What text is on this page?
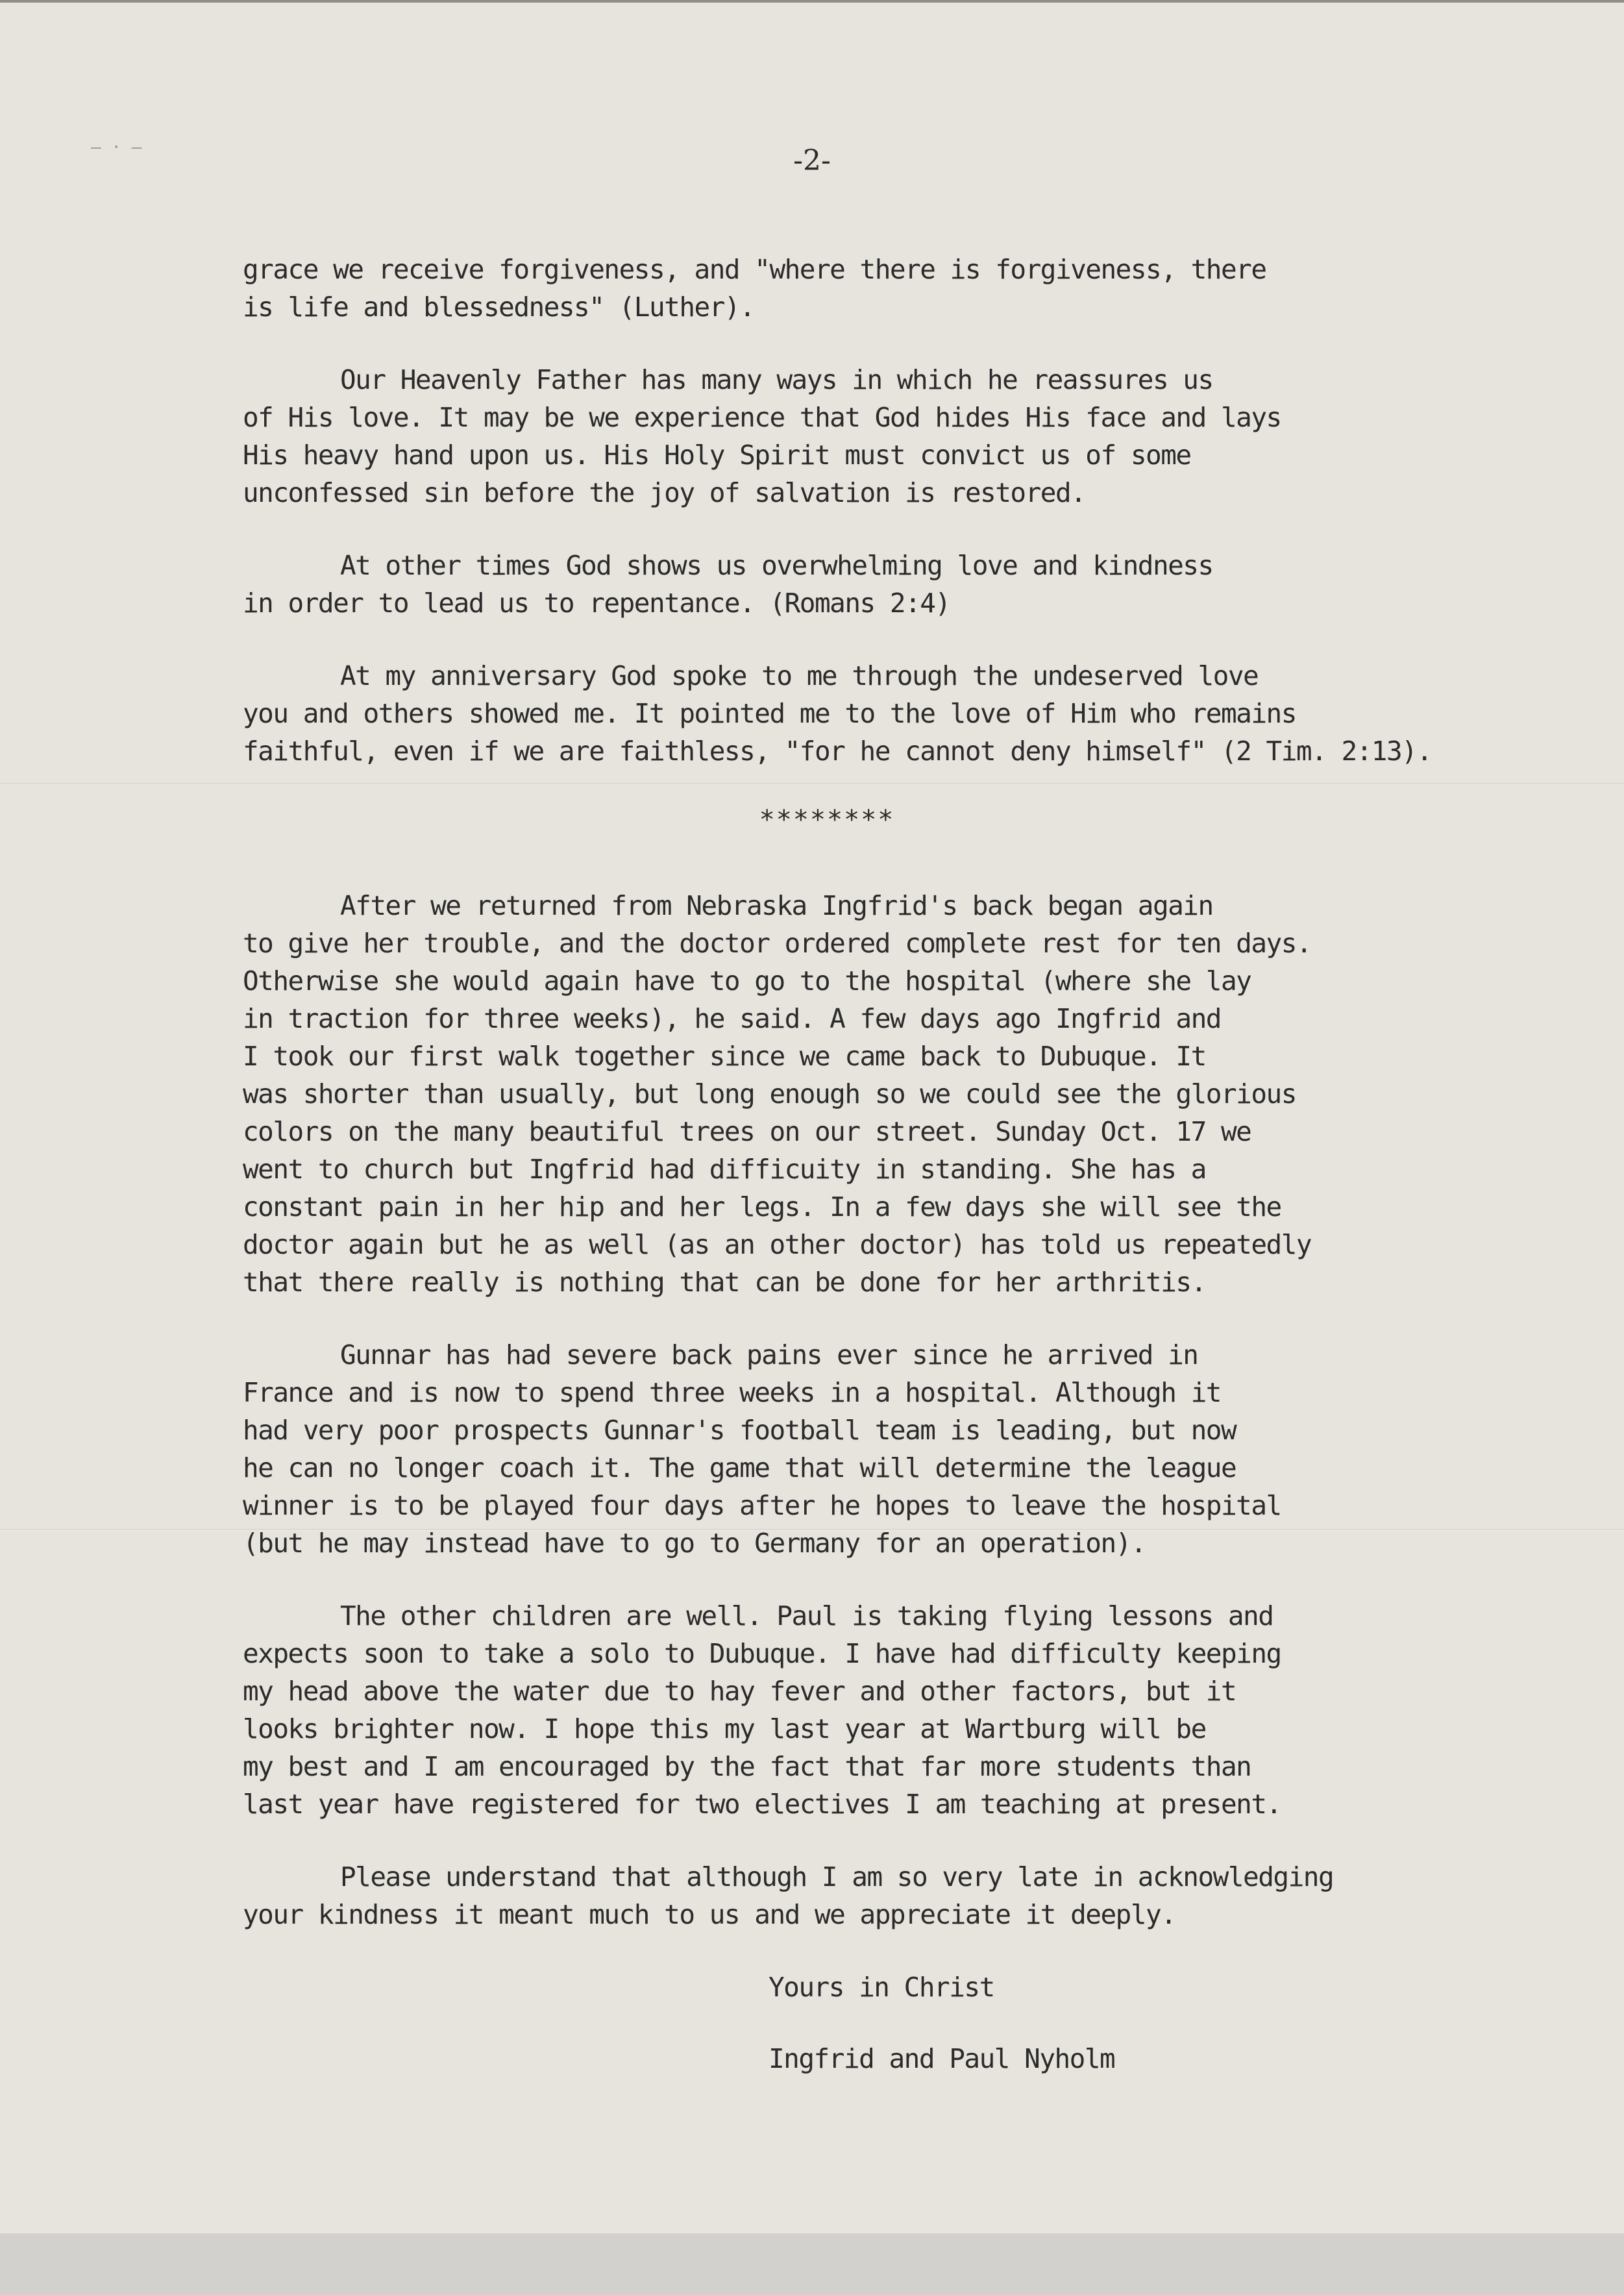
– · –	-2-

grace we receive forgiveness, and "where there is forgiveness, there
is life and blessedness" (Luther).

Our Heavenly Father has many ways in which he reassures us
of His love. It may be we experience that God hides His face and lays
His heavy hand upon us. His Holy Spirit must convict us of some
unconfessed sin before the joy of salvation is restored.

At other times God shows us overwhelming love and kindness
in order to lead us to repentance. (Romans 2:4)

At my anniversary God spoke to me through the undeserved love
you and others showed me. It pointed me to the love of Him who remains
faithful, even if we are faithless, "for he cannot deny himself" (2 Tim. 2:13).

********

After we returned from Nebraska Ingfrid's back began again
to give her trouble, and the doctor ordered complete rest for ten days.
Otherwise she would again have to go to the hospital (where she lay
in traction for three weeks), he said. A few days ago Ingfrid and
I took our first walk together since we came back to Dubuque. It
was shorter than usually, but long enough so we could see the glorious
colors on the many beautiful trees on our street. Sunday Oct. 17 we
went to church but Ingfrid had difficuity in standing. She has a
constant pain in her hip and her legs. In a few days she will see the
doctor again but he as well (as an other doctor) has told us repeatedly
that there really is nothing that can be done for her arthritis.

Gunnar has had severe back pains ever since he arrived in
France and is now to spend three weeks in a hospital. Although it
had very poor prospects Gunnar's football team is leading, but now
he can no longer coach it. The game that will determine the league
winner is to be played four days after he hopes to leave the hospital
(but he may instead have to go to Germany for an operation).

The other children are well. Paul is taking flying lessons and
expects soon to take a solo to Dubuque. I have had difficulty keeping
my head above the water due to hay fever and other factors, but it
looks brighter now. I hope this my last year at Wartburg will be
my best and I am encouraged by the fact that far more students than
last year have registered for two electives I am teaching at present.

Please understand that although I am so very late in acknowledging
your kindness it meant much to us and we appreciate it deeply.

Yours in Christ
Ingfrid and Paul Nyholm
